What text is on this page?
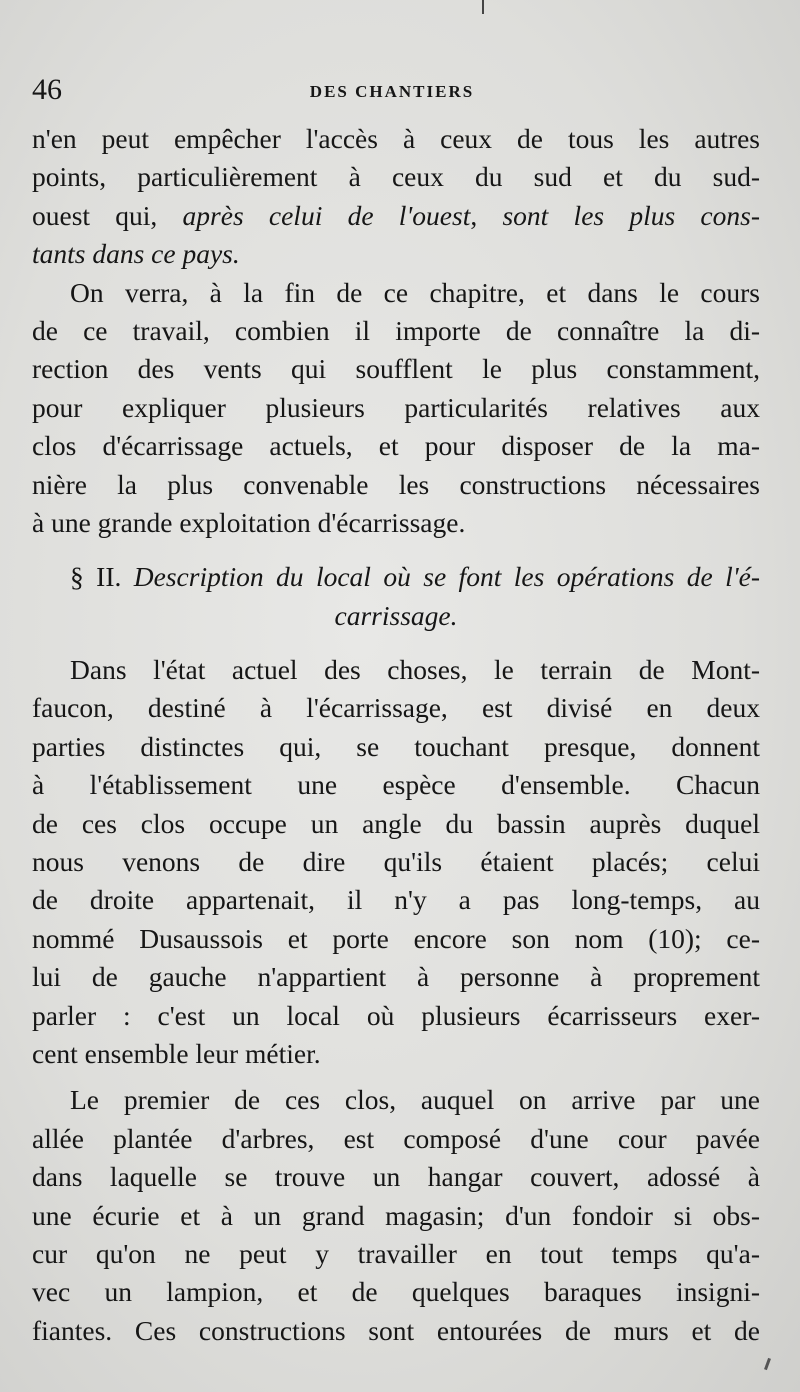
46	DES CHANTIERS
n'en peut empêcher l'accès à ceux de tous les autres
points, particulièrement à ceux du sud et du sud-
ouest qui, après celui de l'ouest, sont les plus cons-
tants dans ce pays.
On verra, à la fin de ce chapitre, et dans le cours
de ce travail, combien il importe de connaître la di-
rection des vents qui soufflent le plus constamment,
pour expliquer plusieurs particularités relatives aux
clos d'écarrissage actuels, et pour disposer de la ma-
nière la plus convenable les constructions nécessaires
à une grande exploitation d'écarrissage.
§ II. Description du local où se font les opérations de l'é-
carrissage.
Dans l'état actuel des choses, le terrain de Mont-
faucon, destiné à l'écarrissage, est divisé en deux
parties distinctes qui, se touchant presque, donnent
à l'établissement une espèce d'ensemble. Chacun
de ces clos occupe un angle du bassin auprès duquel
nous venons de dire qu'ils étaient placés; celui
de droite appartenait, il n'y a pas long-temps, au
nommé Dusaussois et porte encore son nom (10); ce-
lui de gauche n'appartient à personne à proprement
parler : c'est un local où plusieurs écarrisseurs exer-
cent ensemble leur métier.
Le premier de ces clos, auquel on arrive par une
allée plantée d'arbres, est composé d'une cour pavée
dans laquelle se trouve un hangar couvert, adossé à
une écurie et à un grand magasin; d'un fondoir si obs-
cur qu'on ne peut y travailler en tout temps qu'a-
vec un lampion, et de quelques baraques insigni-
fiantes. Ces constructions sont entourées de murs et de
